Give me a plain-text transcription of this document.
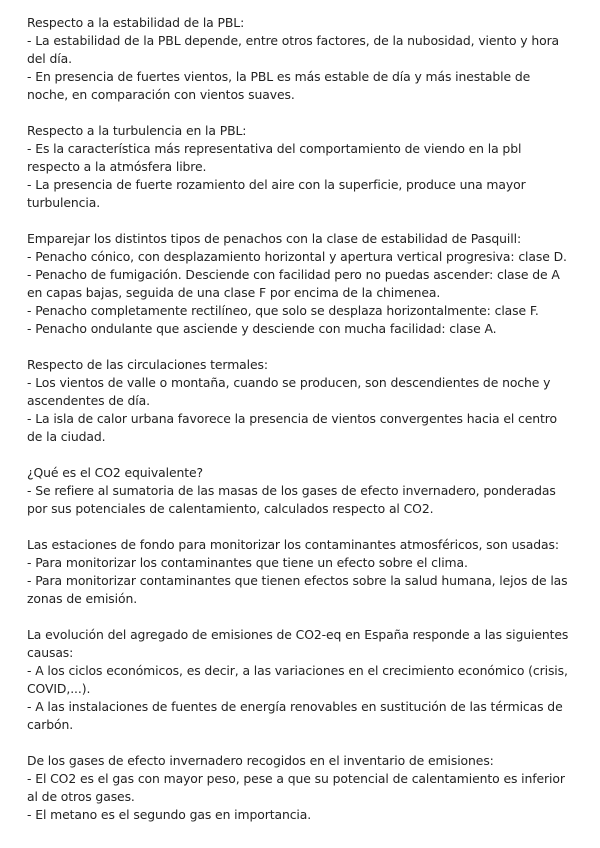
Respecto a la estabilidad de la PBL:
- La estabilidad de la PBL depende, entre otros factores, de la nubosidad, viento y hora del día.
- En presencia de fuertes vientos, la PBL es más estable de día y más inestable de noche, en comparación con vientos suaves.
Respecto a la turbulencia en la PBL:
- Es la característica más representativa del comportamiento de viendo en la pbl respecto a la atmósfera libre.
- La presencia de fuerte rozamiento del aire con la superficie, produce una mayor turbulencia.
Emparejar los distintos tipos de penachos con la clase de estabilidad de Pasquill:
- Penacho cónico, con desplazamiento horizontal y apertura vertical progresiva: clase D.
- Penacho de fumigación. Desciende con facilidad pero no puedas ascender: clase de A en capas bajas, seguida de una clase F por encima de la chimenea.
- Penacho completamente rectilíneo, que solo se desplaza horizontalmente: clase F.
- Penacho ondulante que asciende y desciende con mucha facilidad: clase A.
Respecto de las circulaciones termales:
- Los vientos de valle o montaña, cuando se producen, son descendientes de noche y ascendentes de día.
- La isla de calor urbana favorece la presencia de vientos convergentes hacia el centro de la ciudad.
¿Qué es el CO2 equivalente?
- Se refiere al sumatoria de las masas de los gases de efecto invernadero, ponderadas por sus potenciales de calentamiento, calculados respecto al CO2.
Las estaciones de fondo para monitorizar los contaminantes atmosféricos, son usadas:
- Para monitorizar los contaminantes que tiene un efecto sobre el clima.
- Para monitorizar contaminantes que tienen efectos sobre la salud humana, lejos de las zonas de emisión.
La evolución del agregado de emisiones de CO2-eq en España responde a las siguientes causas:
- A los ciclos económicos, es decir, a las variaciones en el crecimiento económico (crisis, COVID,...).
- A las instalaciones de fuentes de energía renovables en sustitución de las térmicas de carbón.
De los gases de efecto invernadero recogidos en el inventario de emisiones:
- El CO2 es el gas con mayor peso, pese a que su potencial de calentamiento es inferior al de otros gases.
- El metano es el segundo gas en importancia.
